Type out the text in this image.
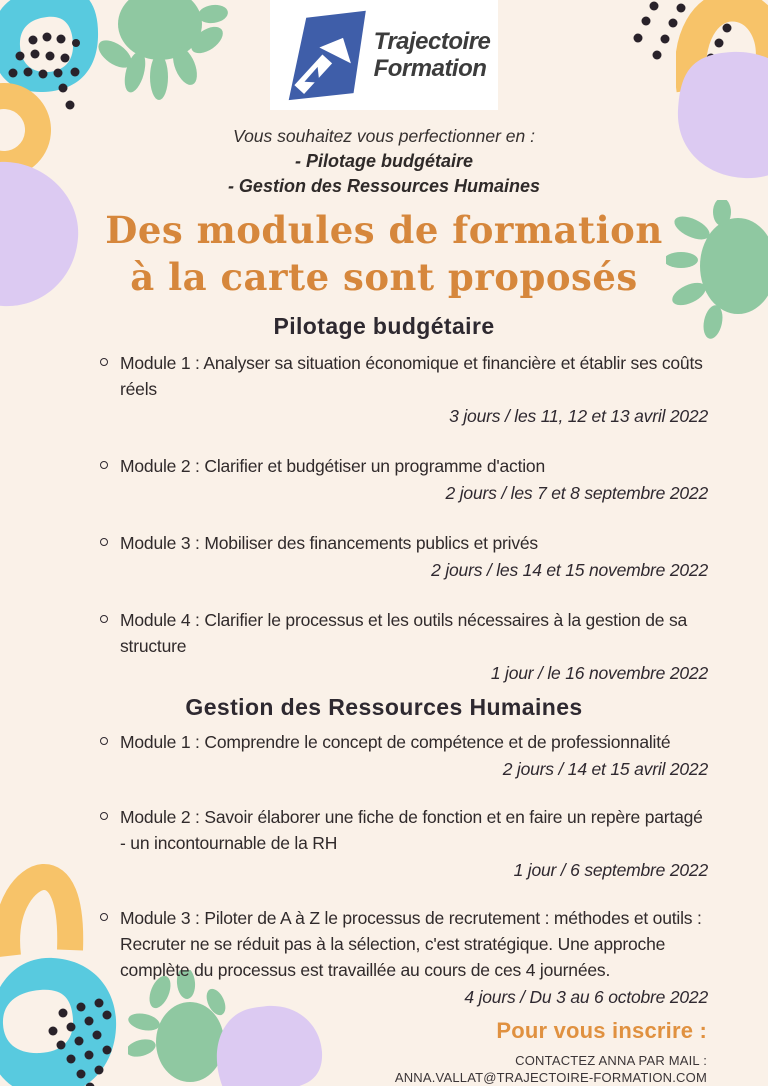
Trajectoire
Formation

Vous souhaitez vous perfectionner en :

- Pilotage budgétaire

- Gestion des Ressources Humaines

Des modules de formation
à la carte sont proposés
Pilotage budgétaire

Module 1 : Analyser sa situation économique et financière et établir ses coûts réels

3 jours / les 11, 12 et 13 avril 2022

Module 2 : Clarifier et budgétiser un programme d'action

2 jours / les 7 et 8 septembre 2022

Module 3 : Mobiliser des financements publics et privés

2 jours / les 14 et 15 novembre 2022

Module 4 : Clarifier le processus et les outils nécessaires à la gestion de sa structure

1 jour / le 16 novembre 2022

Gestion des Ressources Humaines

Module 1 : Comprendre le concept de compétence et de professionnalité

2 jours / 14 et 15 avril 2022

Module 2 : Savoir élaborer une fiche de fonction et en faire un repère partagé - un incontournable de la RH

1 jour / 6 septembre 2022

Module 3 : Piloter de A à Z le processus de recrutement : méthodes et outils : Recruter ne se réduit pas à la sélection, c'est stratégique. Une approche complète du processus est travaillée au cours de ces 4 journées.

4 jours / Du 3 au 6 octobre 2022

Pour vous inscrire :

CONTACTEZ ANNA PAR MAIL :
ANNA.VALLAT@TRAJECTOIRE-FORMATION.COM
